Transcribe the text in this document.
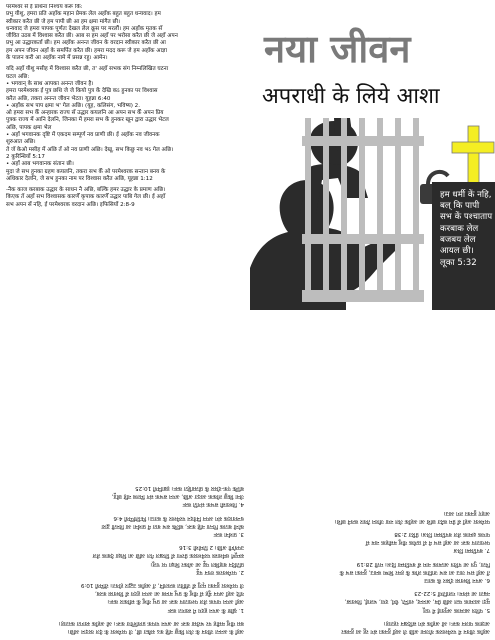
परमेश्वर सँ ई प्रार्थना निश्चय करू कि:
प्रभु यीशु, हमरा प्रति अहाँक महान प्रेमक लेल अहाँक बहुत बहुत धन्यवाद। हम
स्वीकार करैत छी जे हम पापी छी आ हम क्षमा मांगैत छी।
धन्यवाद जे हमरा पापक पूर्णतः देखल लेल क्रूस पर मरलौं। हम अहाँक मृतक सँ
जीवित उठब में विश्वास करैत छी। आब स हम अहाँ पर भरोसा करैत छी जे अहाँ अपन
प्रभु आ उद्धारकर्ता छी। हम अहाँक अनन्त जीवन के वरदान स्वीकार करैत छी आ
हम अपन जीवन अहाँ के समर्पित करैत छी। हमरा मदद करू जे हम अहाँक आज्ञा
के पालन करी आ अहाँक नामे में प्रसन्न रहु। आमेन।

यदि अहाँ यीशु मसीह में विश्वास करैत छी, त' अहाँ सभक संग निम्नलिखित घटना
घटल अछि:
• भगवान् के साथ आपका अनन्त जीवन है।
हमरा परमेश्वरक ई पुत्र छथि जे जे कियो पुत्र कें देखि कऽ हुनका पर विश्वास
करैत अछि, तकरा अनन्त जीवन भेटत। यूहन्ना 6:40
• अहाँक सभ पाप क्षमा भ' गेल अछि। (यूह, कलिसंग, भविष्य) 2.
ओ हमरा सभ केँ अन्हारक राज्य सँ उद्धार कयलनि आ अपन सभ केँ अपन प्रिय
पुत्रक राज्य में आनि देलनि, जिनका में हमरा सभ कें हुनकर खून द्वारा उद्धार भेटल
अछि, पापक क्षमा भेल
• अहाँ भगवानक दृष्टि में एकदम सम्पूर्ण नव प्राणी छी। ई अहाँक नव जीवनक
शुरुआत अछि।
ते जँ केओ मसीह में अछि तँ ओ नव प्राणी अछि। देखू, सभ किछु नव भऽ गेल अछि।
2 कुरिन्थियों 5:17
• अहाँ आब भगवानक संतान छी।
मुदा जे सभ हुनका ग्रहण कयलनि, तकरा सभ केँ ओ परमेश्वरक सन्तान बनय के
अधिकार देलनि, जे सभ हुनका नाम पर विश्वास करैत अछि, यूहन्ना 1:12

-नैक काज करबाक उद्धार के साधन नै अछि, बल्कि हमर उद्धार के प्रमाण अछि।
किएक तँ अहाँ सभ विश्वासक कारणेँ कृपाक कारणेँ उद्धार पाबि गेल छी। ई अहाँ
सभ अपन सँ नहि, ई परमेश्वरक वरदान अछि। इफिसियों 2:8-9

नया जीवन
अपराधी के लिये आशा
हम धर्मी कें नहि,
बल् कि पापी
सभ कें पश्चाताप
करबाक लेल
बजबय लेल
आयल छी।
लूका 5:32

अहाँ के अनन्त जीवन के लेल किछु नहि कऽ सकैत छी, जे परमेश्वर के देल वरदान अछि।
बस यीशु मसीह पर भरोसा करू आ अपन पापक प्रायश्चित्त करू। ओ अहाँक स्वागत करताह।

1. ख्रीष्ट कें अपन हृदय में स्वागत करू
अहाँ अपन पापक लेल पश्चाताप करू आ प्रभु यीशु कें स्वीकार करू।
यदि अहाँ अपन मुँह सँ यीशु कें प्रभु मानब आ अपन हृदय सँ विश्वास करब,
जे परमेश्वर हुनका मृत्यु सँ जीवित कयलनि, तँ अहाँक उद्धार होयत। रोमियों 10:9

2. परमेश्वरक वचन पढ़ू
प्रतिदिन बाइबिल पढ़ू आ ओकर शिक्षा पर चलू।
सम्पूर्ण धर्मशास्त्र परमेश्वरक प्रेरणा सँ लिखल गेल अछि आ शिक्षा देबाक लेल
उपयोगी अछि। 2 तिमोथी 3:16

3. प्रार्थना करू
कोनो बातक चिन्ता नहि करू, बल्कि सभ बात में प्रार्थना आ विनती द्वारा
धन्यवादक संग अपन निवेदन परमेश्वर कें बताउ। फिलिप्पियों 4:6

4. विश्वासी सभक संगति करू
जेना किछु लोकक आदत अछि, अपन सभक संग मिलब नहि छोड़ू,
बल्कि एक-दोसर कें प्रोत्साहित करू। इब्रानियों 10:25

अहाँक जीवन में परमेश्वरक योजना अछि जे अहाँ हुनका संग रहू आ हुनकर
आज्ञाक पालन करू। ओ अहाँक संग सदिखन रहताह।

5. पवित्र आत्माक अगुवाई में चलू
मुदा आत्माक फल अछि प्रेम, आनन्द, शान्ति, धैर्य, दया, भलाई, विश्वास,
नम्रता आ संयम। गलातियों 5:22-23

6. अपन विश्वास दोसर कें बताउ
तें अहाँ सभ जाउ आ सभ जातिक लोक कें हमर शिष्य बनाउ, हुनका सभ कें
पिता, पुत्र आ पवित्र आत्माक नाम सँ बपतिस्मा दिअ। मत्ती 28:19

7. बपतिस्मा लिअ
पश्चाताप करू आ अहाँ सभ मे सँ प्रत्येक यीशु मसीहक नाम सँ
पापक क्षमाक लेल बपतिस्मा लिअ। प्रेरित 2:38

परमेश्वर अहाँ सँ प्रेम करैत छथि आ अहाँक लेल नया जीवन तैयार कयने छथि।
आइए हुनका लग आउ।
